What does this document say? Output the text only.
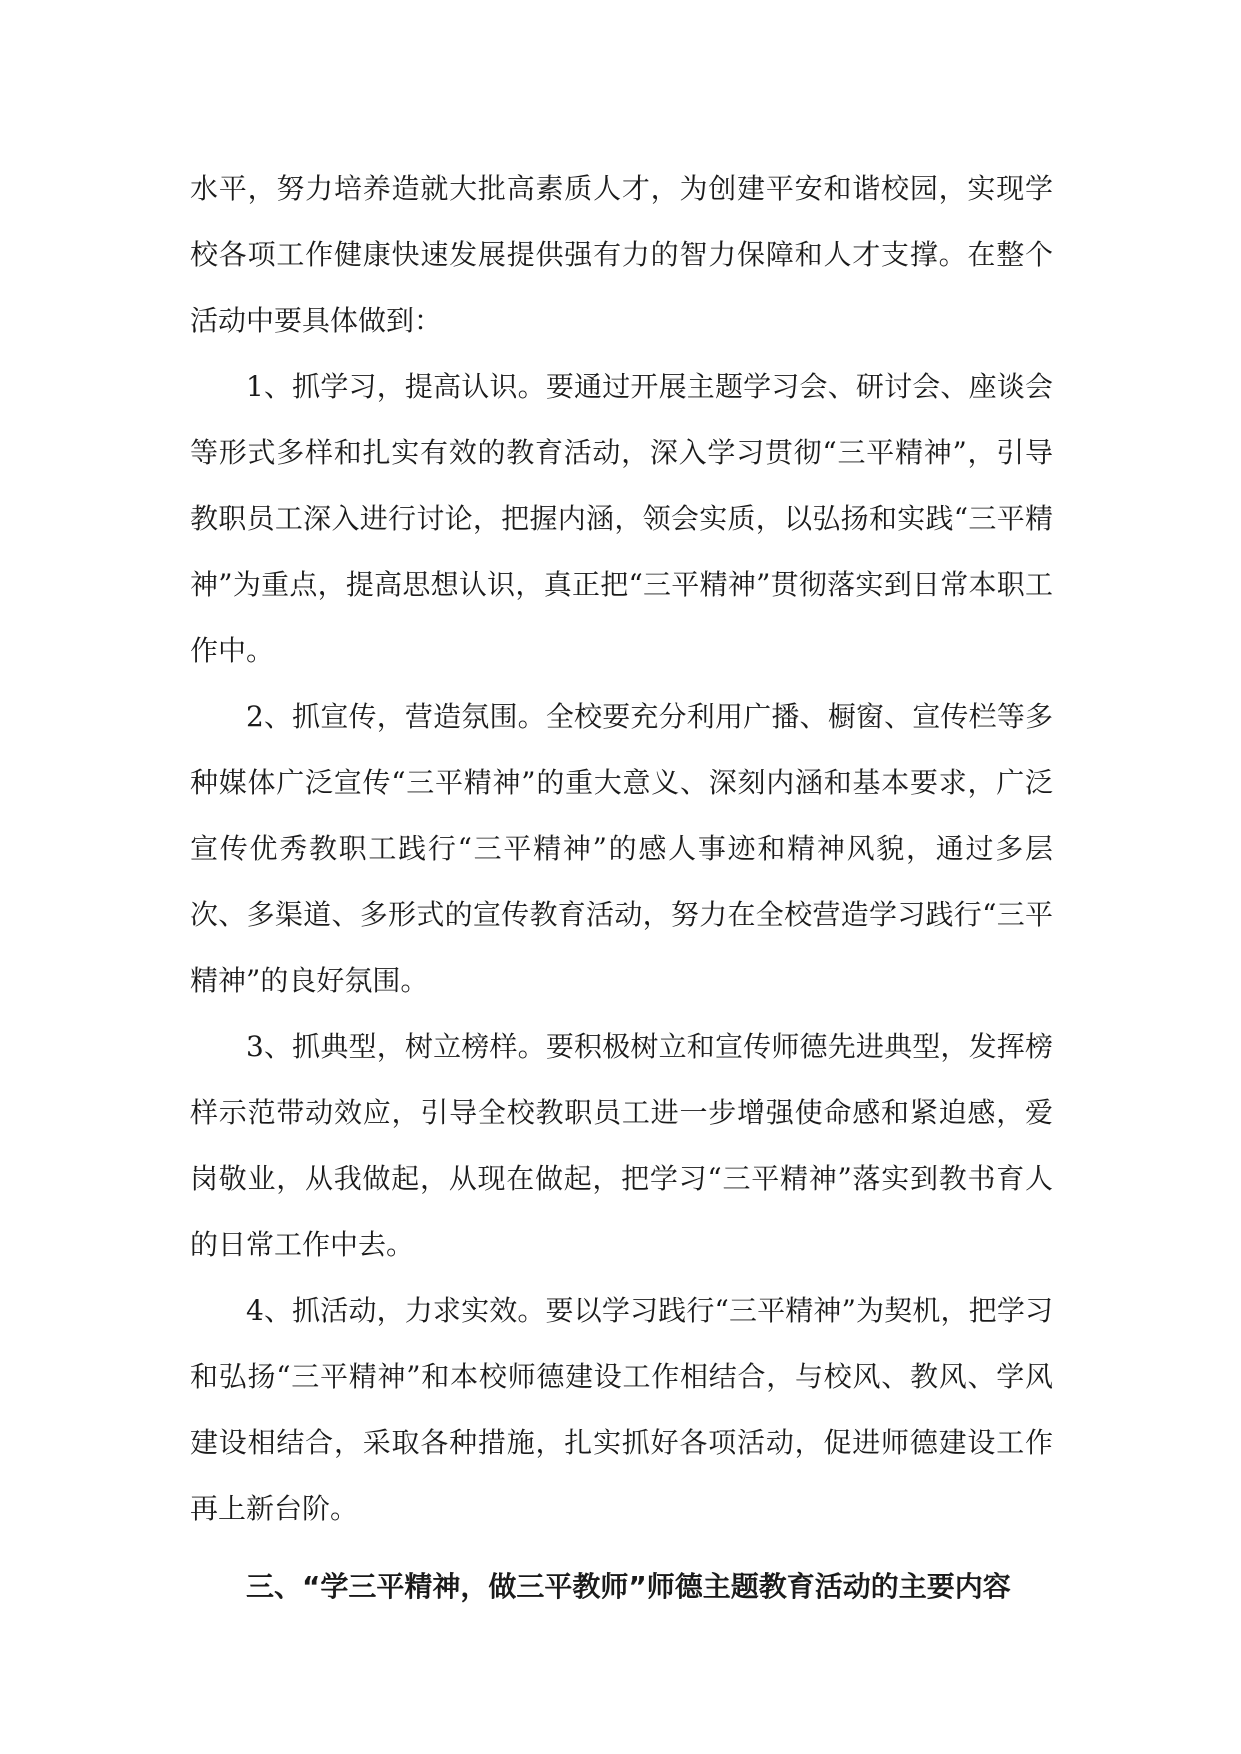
水平，努力培养造就大批高素质人才，为创建平安和谐校园，实现学校各项工作健康快速发展提供强有力的智力保障和人才支撑。在整个活动中要具体做到：

1、抓学习，提高认识。要通过开展主题学习会、研讨会、座谈会等形式多样和扎实有效的教育活动，深入学习贯彻“三平精神”，引导教职员工深入进行讨论，把握内涵，领会实质，以弘扬和实践“三平精神”为重点，提高思想认识，真正把“三平精神”贯彻落实到日常本职工作中。

2、抓宣传，营造氛围。全校要充分利用广播、橱窗、宣传栏等多种媒体广泛宣传“三平精神”的重大意义、深刻内涵和基本要求，广泛宣传优秀教职工践行“三平精神”的感人事迹和精神风貌，通过多层次、多渠道、多形式的宣传教育活动，努力在全校营造学习践行“三平精神”的良好氛围。

3、抓典型，树立榜样。要积极树立和宣传师德先进典型，发挥榜样示范带动效应，引导全校教职员工进一步增强使命感和紧迫感，爱岗敬业，从我做起，从现在做起，把学习“三平精神”落实到教书育人的日常工作中去。

4、抓活动，力求实效。要以学习践行“三平精神”为契机，把学习和弘扬“三平精神”和本校师德建设工作相结合，与校风、教风、学风建设相结合，采取各种措施，扎实抓好各项活动，促进师德建设工作再上新台阶。

三、“学三平精神，做三平教师”师德主题教育活动的主要内容
